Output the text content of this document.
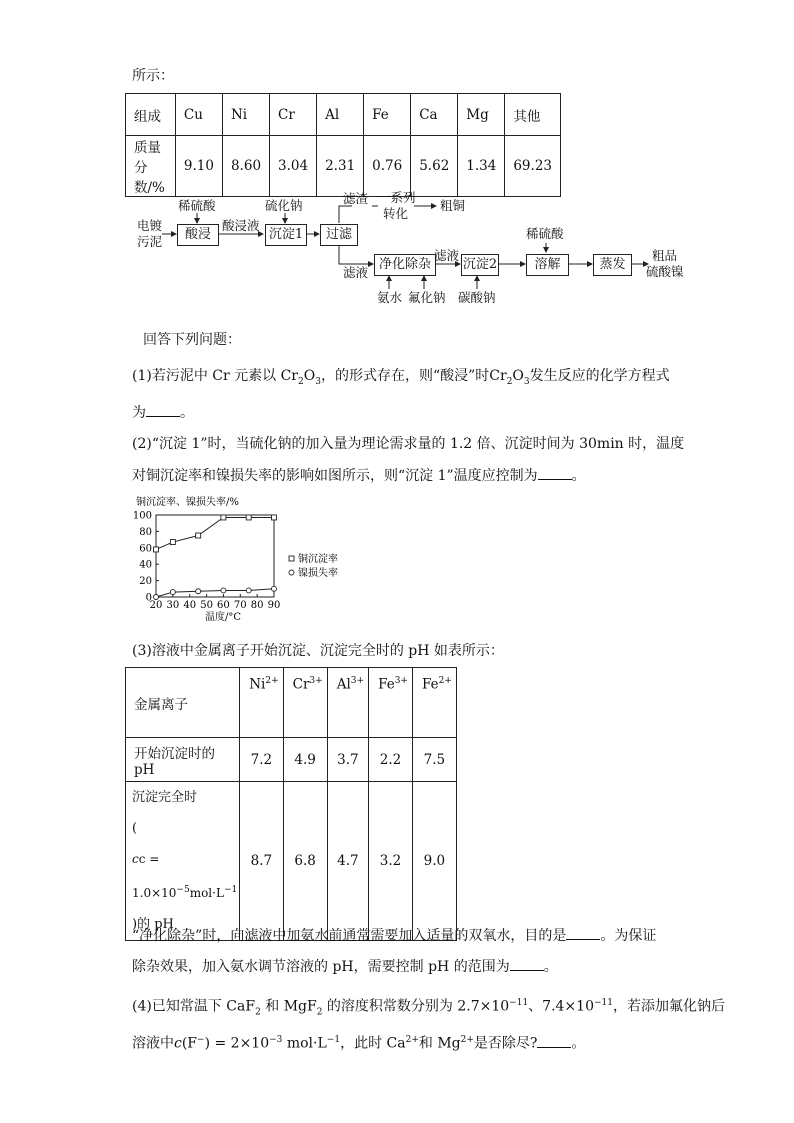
所示：
组成	Cu	Ni	Cr	Al	Fe	Ca	Mg	其他
质量分数/%	9.10	8.60	3.04	2.31	0.76	5.62	1.34	69.23
电镀
污泥
稀硫酸
酸浸
酸浸液
硫化钠
沉淀1	过滤
滤渣 一系列
转化
粗铜
滤液
净化除杂
氨水 氟化钠
滤液
沉淀2
碳酸钠
稀硫酸
溶解	蒸发
粗品
硫酸镍
回答下列问题：
(1)若污泥中 Cr 元素以 $Cr_2O_3$，的形式存在，则“酸浸”时$Cr_2O_3$发生反应的化学方程式
为 。
(2)“沉淀 1”时，当硫化钠的加入量为理论需求量的 1.2 倍、沉淀时间为 30min 时，温度
对铜沉淀率和镍损失率的影响如图所示，则“沉淀 1”温度应控制为 。
铜沉淀率、镍损失率/%
0
20
40
60
80
100
20 30 40 50 60 70 80 90
温度/°C
铜沉淀率
镍损失率
(3)溶液中金属离子开始沉淀、沉淀完全时的 pH 如表所示：
金属离子	$Ni^{2+}$	$Cr^{3+}$	$Al^{3+}$	$Fe^{3+}$	$Fe^{2+}$
开始沉淀时的 pH	7.2	4.9	3.7	2.2	7.5

沉淀完全时
(
cc = $1.0\times 10^{-5}mol\cdot L^{-1}$
)的 pH	8.7	6.8	4.7	3.2	9.0
“净化除杂”时，向滤液中加氨水前通常需要加入适量的双氧水，目的是 。为保证
除杂效果，加入氨水调节溶液的 pH，需要控制 pH 的范围为 。
(4)已知常温下 CaF$_2$ 和 MgF$_2$ 的溶度积常数分别为 $2.7\times 10^{-11}$、$7.4\times 10^{-11}$，若添加氟化钠后
溶液中$c(F^-) = 2\times 10^{-3}$ $mol\cdot L^{-1}$，此时 $Ca^{2+}$和 $Mg^{2+}$是否除尽? 。
